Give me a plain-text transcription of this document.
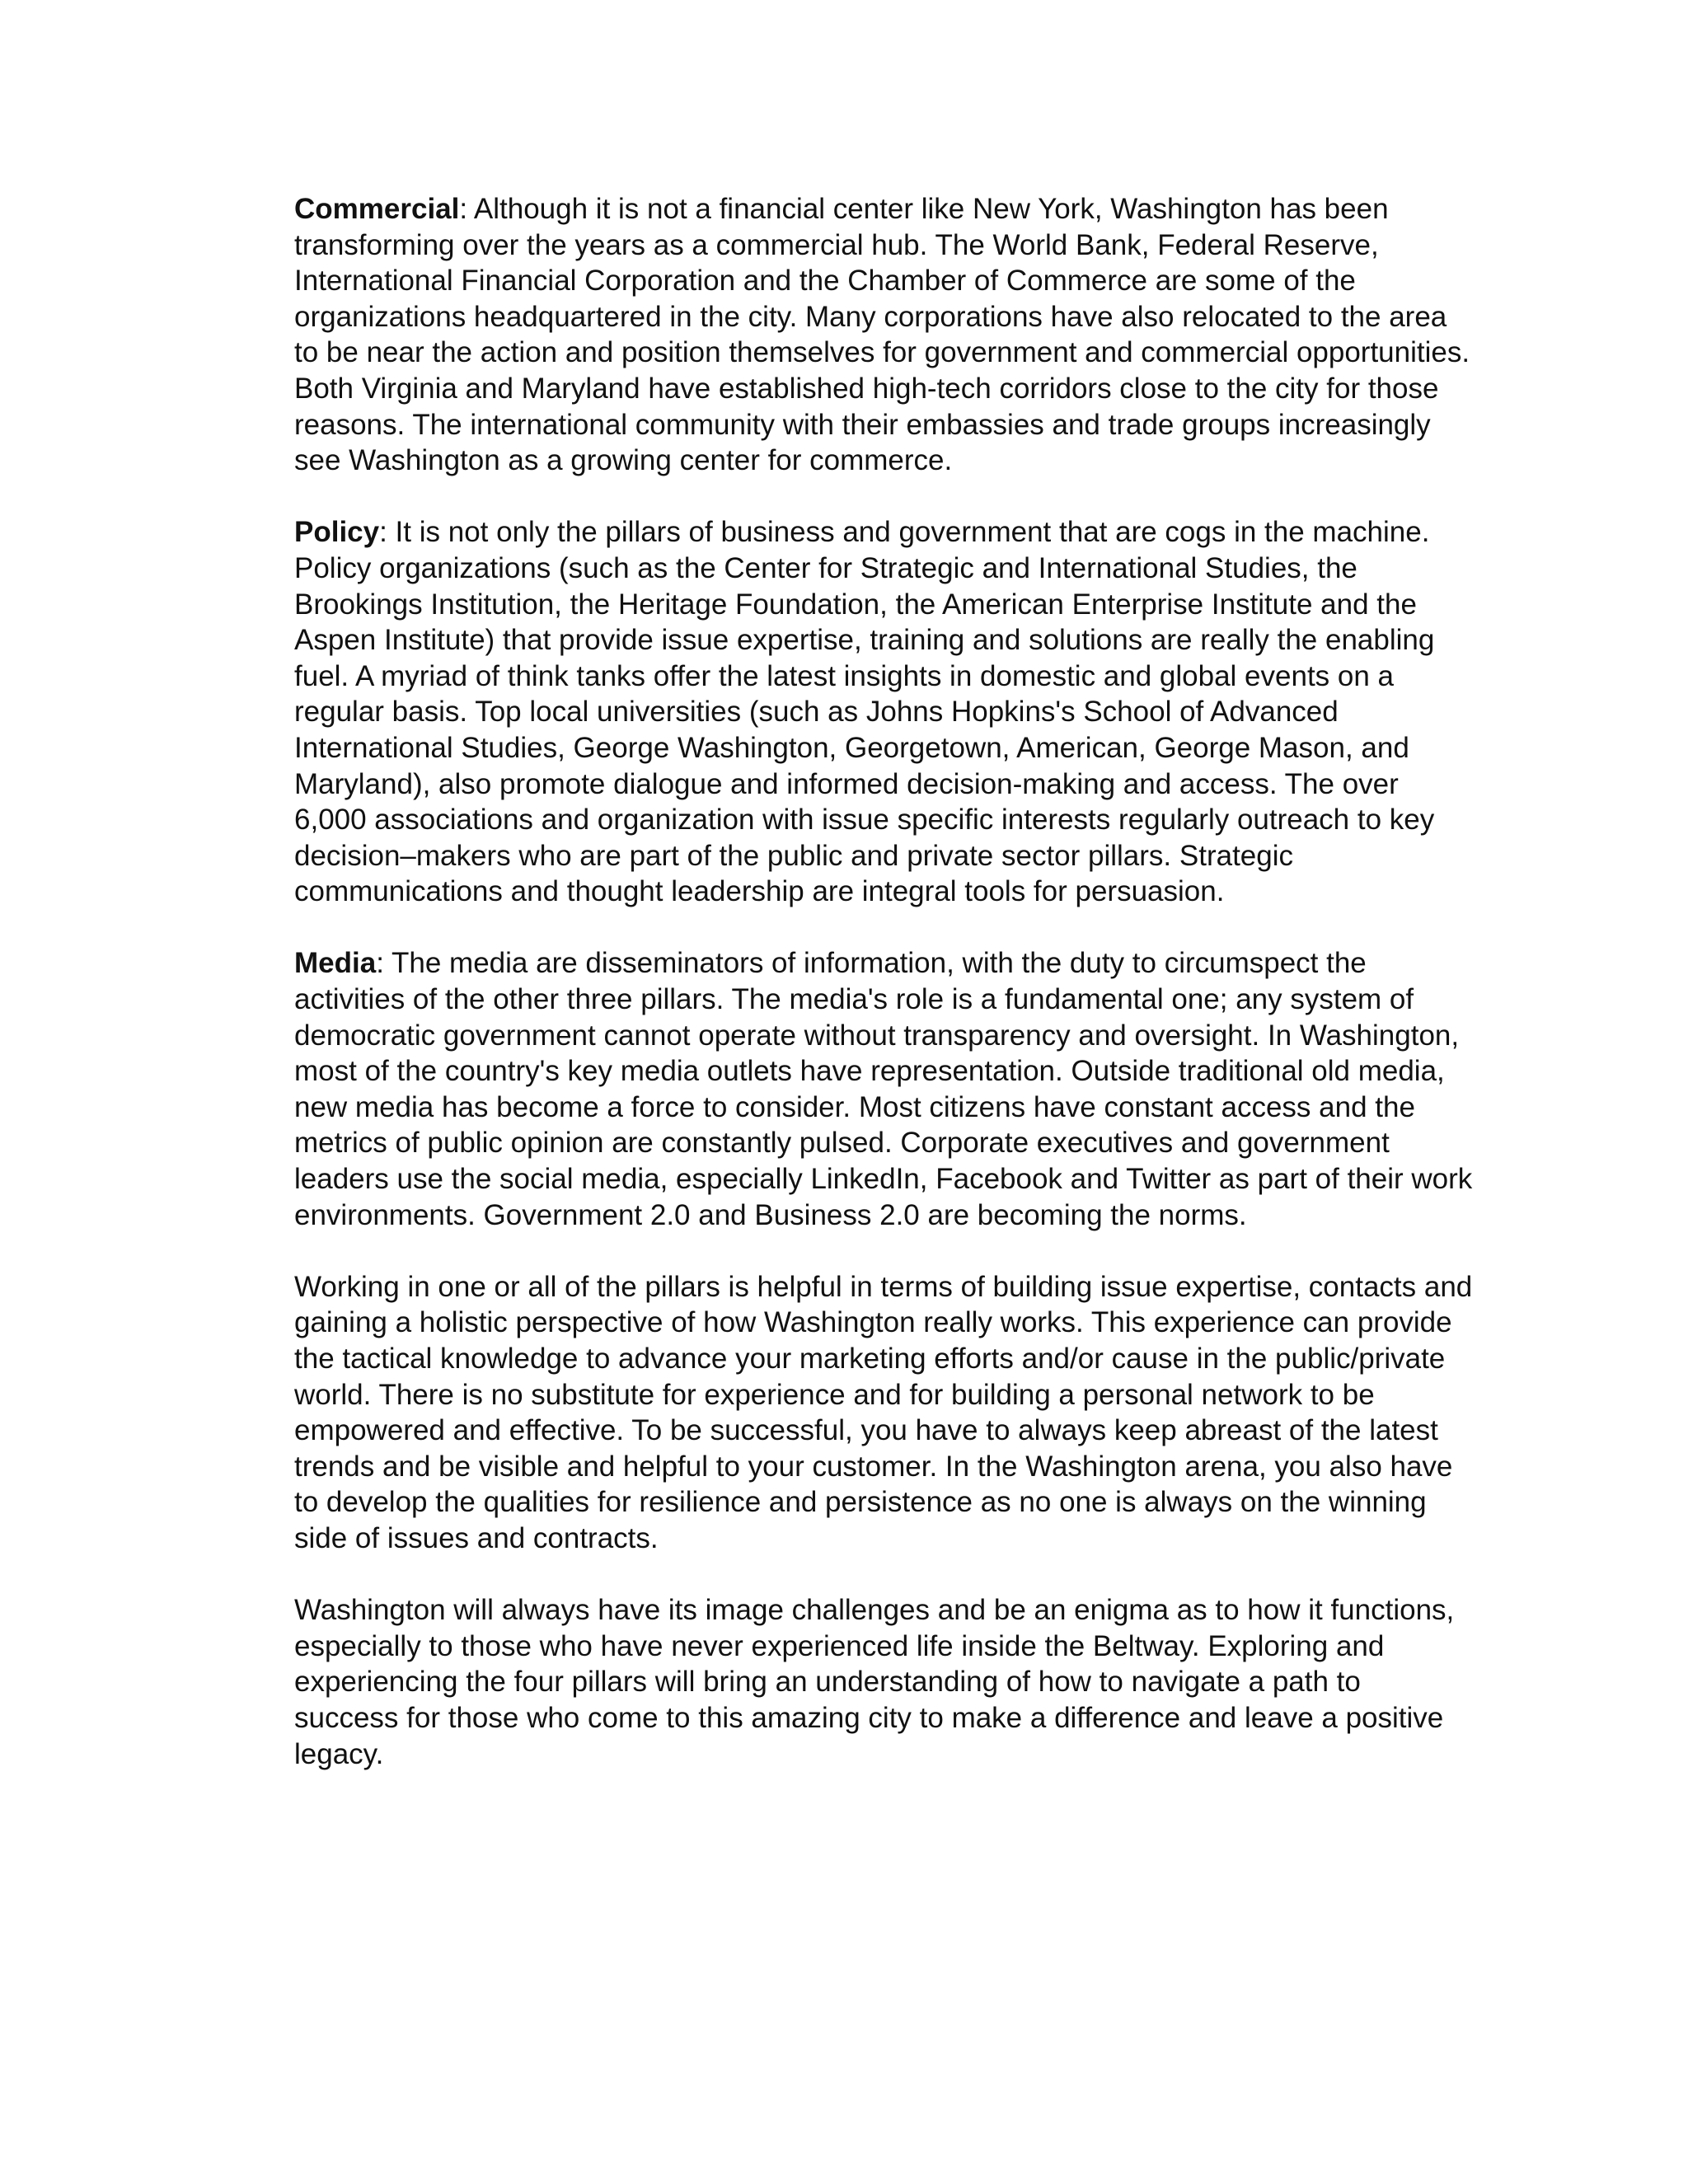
Commercial: Although it is not a financial center like New York, Washington has been transforming over the years as a commercial hub. The World Bank, Federal Reserve, International Financial Corporation and the Chamber of Commerce are some of the organizations headquartered in the city. Many corporations have also relocated to the area to be near the action and position themselves for government and commercial opportunities. Both Virginia and Maryland have established high-tech corridors close to the city for those reasons. The international community with their embassies and trade groups increasingly see Washington as a growing center for commerce.

Policy: It is not only the pillars of business and government that are cogs in the machine. Policy organizations (such as the Center for Strategic and International Studies, the Brookings Institution, the Heritage Foundation, the American Enterprise Institute and the Aspen Institute) that provide issue expertise, training and solutions are really the enabling fuel. A myriad of think tanks offer the latest insights in domestic and global events on a regular basis. Top local universities (such as Johns Hopkins's School of Advanced International Studies, George Washington, Georgetown, American, George Mason, and Maryland), also promote dialogue and informed decision-making and access. The over 6,000 associations and organization with issue specific interests regularly outreach to key decision–makers who are part of the public and private sector pillars. Strategic communications and thought leadership are integral tools for persuasion.

Media: The media are disseminators of information, with the duty to circumspect the activities of the other three pillars. The media's role is a fundamental one; any system of democratic government cannot operate without transparency and oversight. In Washington, most of the country's key media outlets have representation. Outside traditional old media, new media has become a force to consider. Most citizens have constant access and the metrics of public opinion are constantly pulsed. Corporate executives and government leaders use the social media, especially LinkedIn, Facebook and Twitter as part of their work environments. Government 2.0 and Business 2.0 are becoming the norms.

Working in one or all of the pillars is helpful in terms of building issue expertise, contacts and gaining a holistic perspective of how Washington really works. This experience can provide the tactical knowledge to advance your marketing efforts and/or cause in the public/private world. There is no substitute for experience and for building a personal network to be empowered and effective. To be successful, you have to always keep abreast of the latest trends and be visible and helpful to your customer. In the Washington arena, you also have to develop the qualities for resilience and persistence as no one is always on the winning side of issues and contracts.

Washington will always have its image challenges and be an enigma as to how it functions, especially to those who have never experienced life inside the Beltway. Exploring and experiencing the four pillars will bring an understanding of how to navigate a path to success for those who come to this amazing city to make a difference and leave a positive legacy.
